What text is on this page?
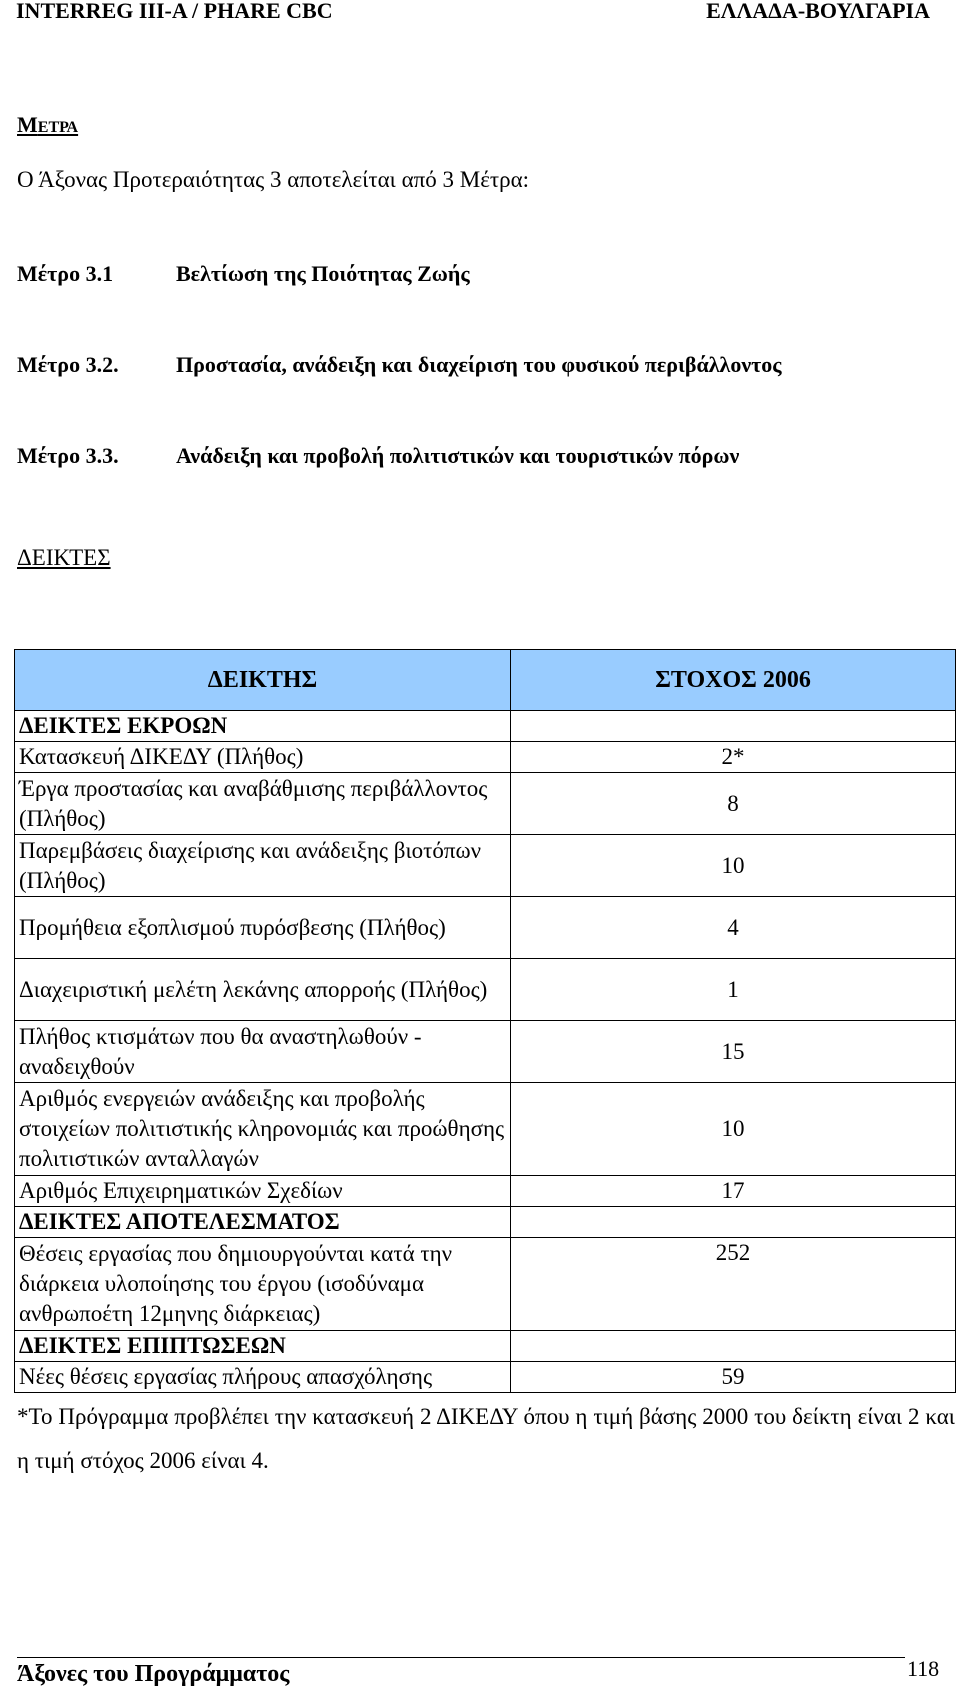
INTERREG III-A / PHARE CBC	ΕΛΛΑΔΑ-ΒΟΥΛΓΑΡΙΑ
ΜΕΤΡΑ
Ο Άξονας Προτεραιότητας 3 αποτελείται από 3 Μέτρα:
Μέτρο 3.1	Βελτίωση της Ποιότητας Ζωής
Μέτρο 3.2.	Προστασία, ανάδειξη και διαχείριση του φυσικού περιβάλλοντος
Μέτρο 3.3.	Ανάδειξη και προβολή πολιτιστικών και τουριστικών πόρων
ΔΕΙΚΤΕΣ
ΔΕΙΚΤΗΣ	ΣΤΟΧΟΣ 2006
ΔΕΙΚΤΕΣ ΕΚΡΟΩΝ	
Κατασκευή ΔΙΚΕΔΥ (Πλήθος)	2*
Έργα προστασίας και αναβάθμισης περιβάλλοντος (Πλήθος)	8
Παρεμβάσεις διαχείρισης και ανάδειξης βιοτόπων (Πλήθος)	10
Προμήθεια εξοπλισμού πυρόσβεσης (Πλήθος)	4
Διαχειριστική μελέτη λεκάνης απορροής (Πλήθος)	1
Πλήθος κτισμάτων που θα αναστηλωθούν - αναδειχθούν	15
Αριθμός ενεργειών ανάδειξης και προβολής στοιχείων πολιτιστικής κληρονομιάς και προώθησης πολιτιστικών ανταλλαγών	10
Αριθμός Επιχειρηματικών Σχεδίων	17
ΔΕΙΚΤΕΣ ΑΠΟΤΕΛΕΣΜΑΤΟΣ	
Θέσεις εργασίας που δημιουργούνται κατά την διάρκεια υλοποίησης του έργου (ισοδύναμα ανθρωποέτη 12μηνης διάρκειας)	252
ΔΕΙΚΤΕΣ ΕΠΙΠΤΩΣΕΩΝ	
Νέες θέσεις εργασίας πλήρους απασχόλησης	59
*Το Πρόγραμμα προβλέπει την κατασκευή 2 ΔΙΚΕΔΥ όπου η τιμή βάσης 2000 του δείκτη είναι 2 και η τιμή στόχος 2006 είναι 4.
Άξονες του Προγράμματος	118
